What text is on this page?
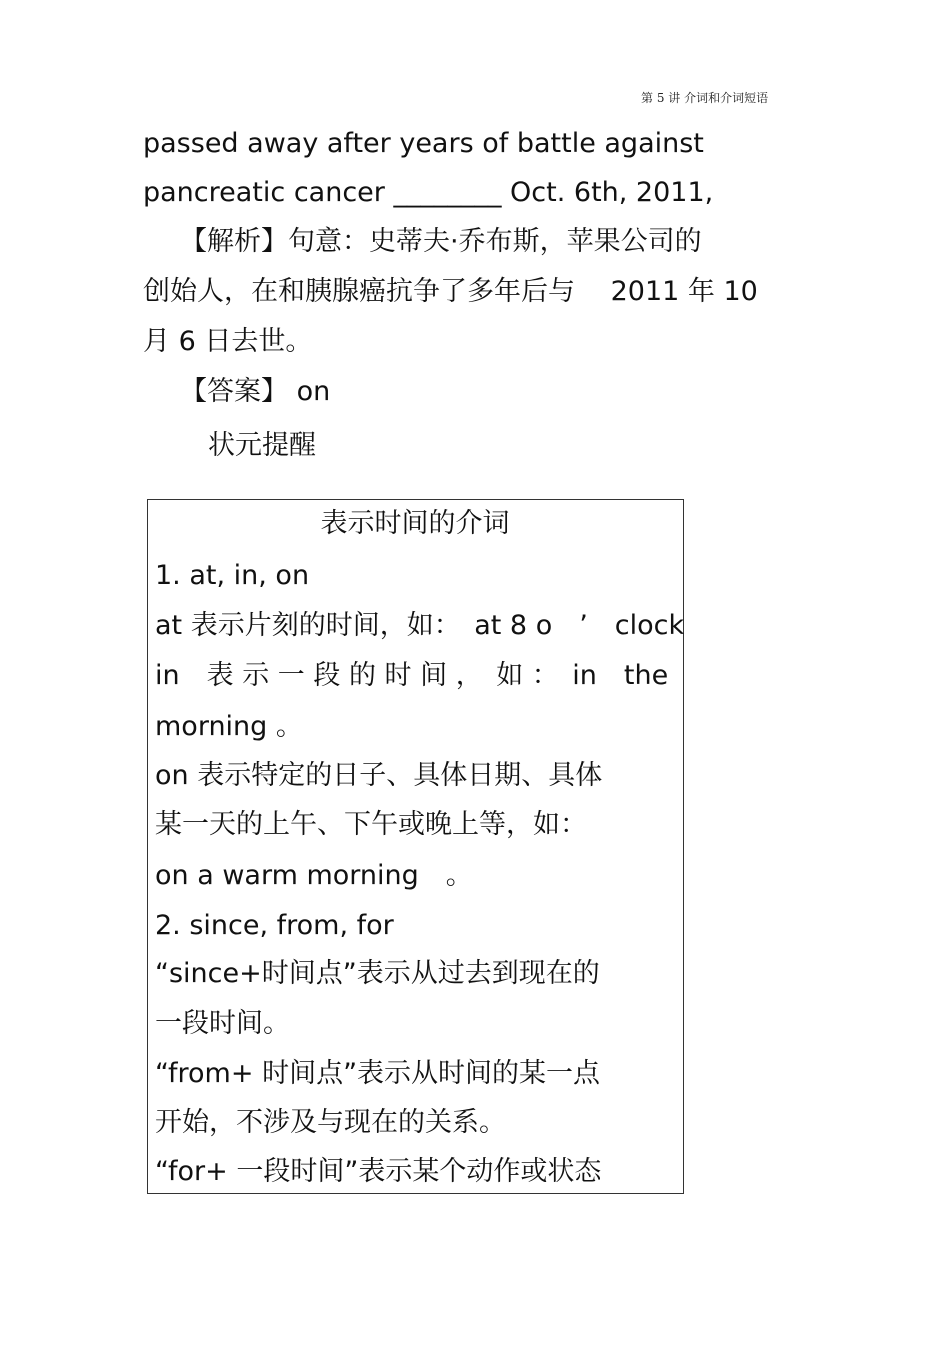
第 5 讲 介词和介词短语
passed away after years of battle against
pancreatic cancer ________ Oct. 6th, 2011,
【解析】句意：史蒂夫·乔布斯，苹果公司的
创始人，在和胰腺癌抗争了多年后与　 2011 年 10
月 6 日去世。
【答案】 on
状元提醒
表示时间的介词
1. at, in, on
at 表示片刻的时间，如：　at 8 o　’　clock
in　表 示 一 段 的 时 间 ，　如 ：　in　the
morning 。
on 表示特定的日子、具体日期、具体
某一天的上午、下午或晚上等，如：
on a warm morning　。
2. since, from, for
“since+时间点”表示从过去到现在的
一段时间。
“from+ 时间点”表示从时间的某一点
开始，不涉及与现在的关系。
“for+ 一段时间”表示某个动作或状态
